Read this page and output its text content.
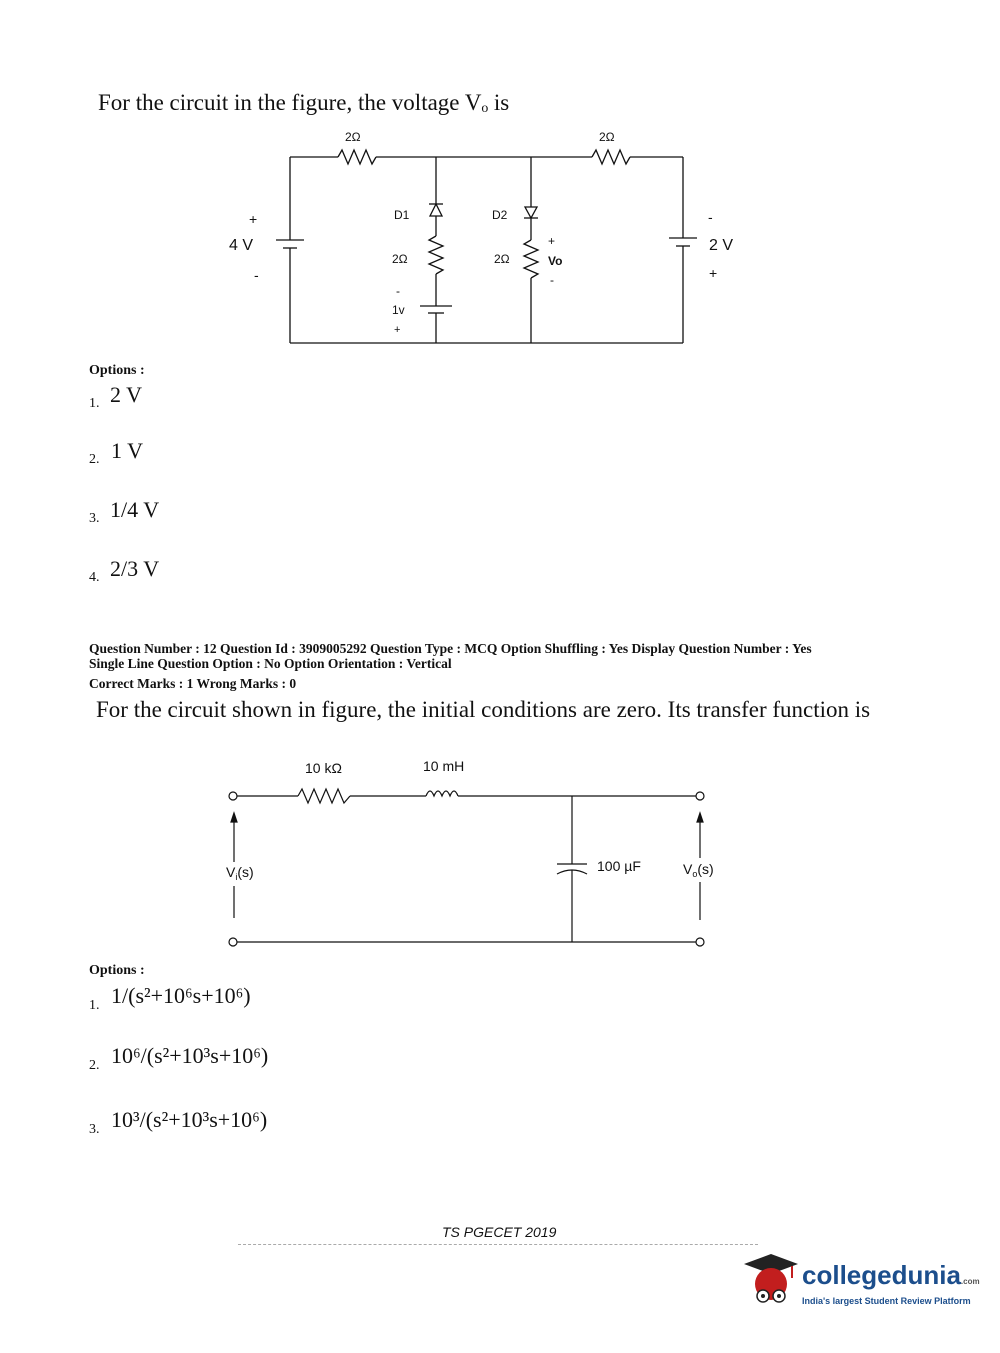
For the circuit in the figure, the voltage Vₒ is
2Ω	2Ω
+
4 V
-
D1	D2
2Ω	2Ω
-
1v
+
+
Vo
-
-
2 V
+
Options :
1. 2 V
2. 1 V
3. 1/4 V
4. 2/3 V
Question Number : 12 Question Id : 3909005292 Question Type : MCQ Option Shuffling : Yes Display Question Number : Yes
Single Line Question Option : No Option Orientation : Vertical
Correct Marks : 1 Wrong Marks : 0
For the circuit shown in figure, the initial conditions are zero. Its transfer function is
10 kΩ	10 mH
100 µF
$V_i(s)$	$V_o(s)$
Options :
1. 1/(s²+10⁶s+10⁶)
2. 10⁶/(s²+10³s+10⁶)
3. 10³/(s²+10³s+10⁶)
TS PGECET 2019
collegedunia.com
India's largest Student Review Platform
